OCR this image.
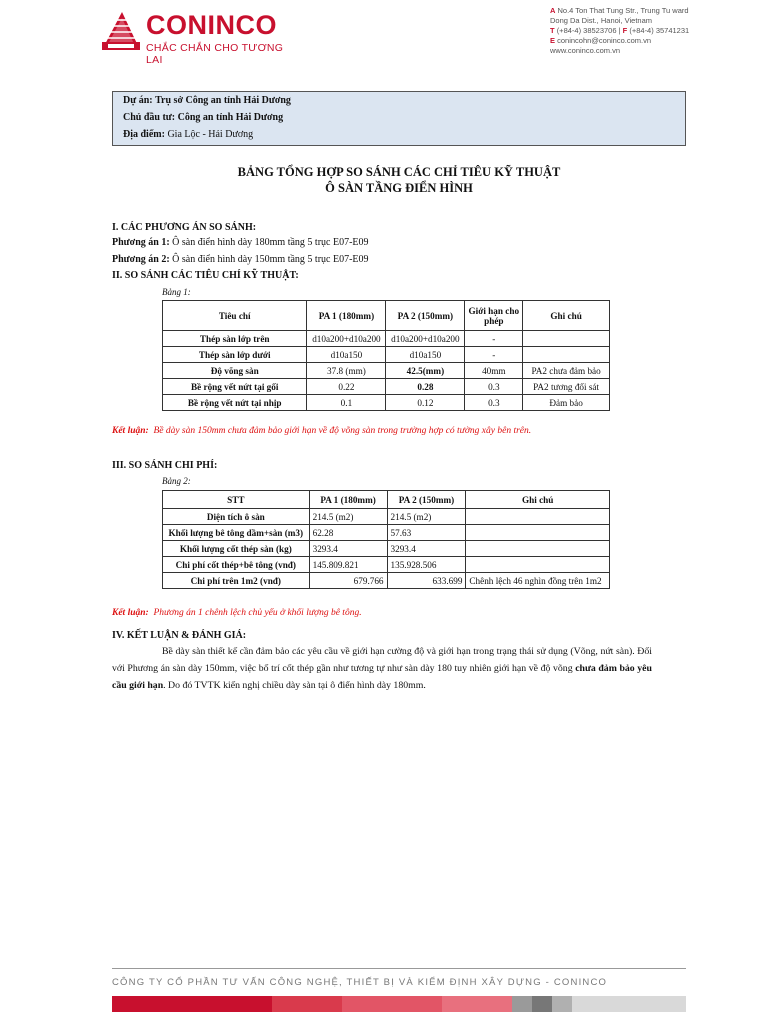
CONINCO
CHẮC CHẮN CHO TƯƠNG LAI
A No.4 Ton That Tung Str., Trung Tu ward
Dong Da Dist., Hanoi, Vietnam
T (+84-4) 38523706 | F (+84-4) 35741231
E conincohn@coninco.com.vn
www.coninco.com.vn
Dự án: Trụ sở Công an tỉnh Hải Dương
Chủ đầu tư: Công an tỉnh Hải Dương
Địa điểm: Gia Lộc - Hải Dương
BẢNG TỔNG HỢP SO SÁNH CÁC CHỈ TIÊU KỸ THUẬT
Ô SÀN TẦNG ĐIỂN HÌNH
I. CÁC PHƯƠNG ÁN SO SÁNH:
Phương án 1: Ô sàn điển hình dày 180mm tầng 5 trục E07-E09
Phương án 2: Ô sàn điển hình dày 150mm tầng 5 trục E07-E09
II. SO SÁNH CÁC TIÊU CHÍ KỸ THUẬT:
Bảng 1:
Tiêu chí	PA 1 (180mm)	PA 2 (150mm)	Giới hạn cho phép	Ghi chú
Thép sàn lớp trên	d10a200+d10a200	d10a200+d10a200	-	
Thép sàn lớp dưới	d10a150	d10a150	-	
Độ võng sàn	37.8 (mm)	42.5(mm)	40mm	PA2 chưa đảm bảo
Bề rộng vết nứt tại gối	0.22	0.28	0.3	PA2 tương đối sát
Bề rộng vết nứt tại nhịp	0.1	0.12	0.3	Đảm bảo
Kết luận: Bề dày sàn 150mm chưa đảm bảo giới hạn về độ võng sàn trong trường hợp có tường xây bên trên.
III. SO SÁNH CHI PHÍ:
Bảng 2:
STT	PA 1 (180mm)	PA 2 (150mm)	Ghi chú
Diện tích ô sàn	214.5 (m2)	214.5 (m2)	
Khối lượng bê tông dầm+sàn (m3)	62.28	57.63	
Khối lượng cốt thép sàn (kg)	3293.4	3293.4	
Chi phí cốt thép+bê tông (vnđ)	145.809.821	135.928.506	
Chi phí trên 1m2 (vnđ)	679.766	633.699	Chênh lệch 46 nghìn đồng trên 1m2
Kết luận: Phương án 1 chênh lệch chủ yếu ở khối lượng bê tông.
IV. KẾT LUẬN & ĐÁNH GIÁ:
Bề dày sàn thiết kế cần đảm bảo các yêu cầu về giới hạn cường độ và giới hạn trong trạng thái sử dụng (Võng, nứt sàn). Đối với Phương án sàn dày 150mm, việc bố trí cốt thép gần như tương tự như sàn dày 180 tuy nhiên giới hạn về độ võng chưa đảm bảo yêu cầu giới hạn. Do đó TVTK kiến nghị chiều dày sàn tại ô điển hình dày 180mm.
CÔNG TY CỔ PHẦN TƯ VẤN CÔNG NGHỆ, THIẾT BỊ VÀ KIỂM ĐỊNH XÂY DỰNG - CONINCO
